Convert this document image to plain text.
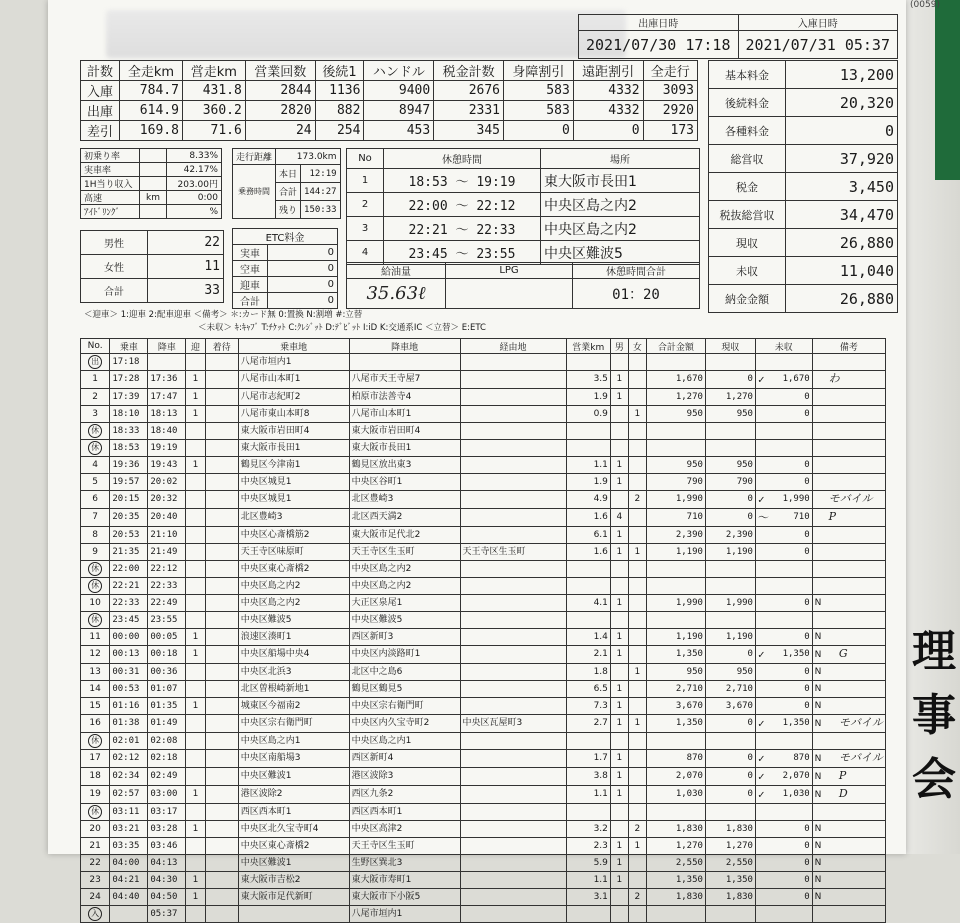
理
事
会
(0059)
出庫日時	入庫日時
2021/07/30 17:18	2021/07/31 05:37
計数	全走km	営走km	営業回数	後続1	ハンドル	税金計数	身障割引	遠距割引	全走行
入庫	784.7	431.8	2844	1136	9400	2676	583	4332	3093
出庫	614.9	360.2	2820	882	8947	2331	583	4332	2920
差引	169.8	71.6	24	254	453	345	0	0	173
基本料金	13,200
後続料金	20,320
各種料金	0
総営収	37,920
税金	3,450
税抜総営収	34,470
現収	26,880
未収	11,040
納金金額	26,880
初乗り率		8.33%
実車率		42.17%
1H当り収入		203.00円
高速	km	0:00
ｱｲﾄﾞﾘﾝｸﾞ		%
走行距離	173.0km	
乗務時間	本日	12:19
	合計	144:27
	残り	150:33
No	休憩時間	場所
1	18:53 ～ 19:19	東大阪市長田1
2	22:00 ～ 22:12	中央区島之内2
3	22:21 ～ 22:33	中央区島之内2
4	23:45 ～ 23:55	中央区難波5
給油量	LPG	休憩時間合計
35.63ℓ		01：20
男性	22
女性	11
合計	33
ETC料金	
実車	0
空車	0
迎車	0
合計	0
＜迎車＞ 1:迎車 2:配車迎車 ＜備考＞ ＊:カード無 0:置換 N:割増 #:立替
＜未収＞ ｷ:ｷｬﾌﾞ T:ﾁｹｯﾄ C:ｸﾚｼﾞｯﾄ D:ﾃﾞﾋﾞｯﾄ I:iD K:交通系IC ＜立替＞ E:ETC
No.	乗車	降車	迎	着待	乗車地	降車地	経由地	営業km	男	女	合計金額	現収	未収	備考
出	17:18				八尾市垣内1									
1	17:28	17:36	1		八尾市山本町1	八尾市天王寺屋7		3.5	1		1,670	0	✓ 1,670	わ
2	17:39	17:47	1		八尾市志紀町2	柏原市法善寺4		1.9	1		1,270	1,270	0	
3	18:10	18:13	1		八尾市東山本町8	八尾市山本町1		0.9		1	950	950	0	
休	18:33	18:40			東大阪市岩田町4	東大阪市岩田町4								
休	18:53	19:19			東大阪市長田1	東大阪市長田1								
4	19:36	19:43	1		鶴見区今津南1	鶴見区放出東3		1.1	1		950	950	0	
5	19:57	20:02			中央区城見1	中央区谷町1		1.9	1		790	790	0	
6	20:15	20:32			中央区城見1	北区豊崎3		4.9		2	1,990	0	✓ 1,990	モバイル
7	20:35	20:40			北区豊崎3	北区西天満2		1.6	4		710	0	～ 710	P
8	20:53	21:10			中央区心斎橋筋2	東大阪市足代北2		6.1	1		2,390	2,390	0	
9	21:35	21:49			天王寺区味原町	天王寺区生玉町	天王寺区生玉町	1.6	1	1	1,190	1,190	0	
休	22:00	22:12			中央区東心斎橋2	中央区島之内2								
休	22:21	22:33			中央区島之内2	中央区島之内2								
10	22:33	22:49			中央区島之内2	大正区泉尾1		4.1	1		1,990	1,990	0	N
休	23:45	23:55			中央区難波5	中央区難波5								
11	00:00	00:05	1		浪速区湊町1	西区新町3		1.4	1		1,190	1,190	0	N
12	00:13	00:18	1		中央区船場中央4	中央区内淡路町1		2.1	1		1,350	0	✓ 1,350	N G
13	00:31	00:36			中央区北浜3	北区中之島6		1.8		1	950	950	0	N
14	00:53	01:07			北区曽根崎新地1	鶴見区鶴見5		6.5	1		2,710	2,710	0	N
15	01:16	01:35	1		城東区今福南2	中央区宗右衛門町		7.3	1		3,670	3,670	0	N
16	01:38	01:49			中央区宗右衛門町	中央区内久宝寺町2	中央区瓦屋町3	2.7	1	1	1,350	0	✓ 1,350	N モバイル
休	02:01	02:08			中央区島之内1	中央区島之内1								
17	02:12	02:18			中央区南船場3	西区新町4		1.7	1		870	0	✓ 870	N モバイル
18	02:34	02:49			中央区難波1	港区波除3		3.8	1		2,070	0	✓ 2,070	N P
19	02:57	03:00	1		港区波除2	西区九条2		1.1	1		1,030	0	✓ 1,030	N D
休	03:11	03:17			西区西本町1	西区西本町1								
20	03:21	03:28	1		中央区北久宝寺町4	中央区高津2		3.2		2	1,830	1,830	0	N
21	03:35	03:46			中央区東心斎橋2	天王寺区生玉町		2.3	1	1	1,270	1,270	0	N
22	04:00	04:13			中央区難波1	生野区巽北3		5.9	1		2,550	2,550	0	N
23	04:21	04:30	1		東大阪市吉松2	東大阪市寿町1		1.1	1		1,350	1,350	0	N
24	04:40	04:50	1		東大阪市足代新町	東大阪市下小阪5		3.1		2	1,830	1,830	0	N
入		05:37				八尾市垣内1								
